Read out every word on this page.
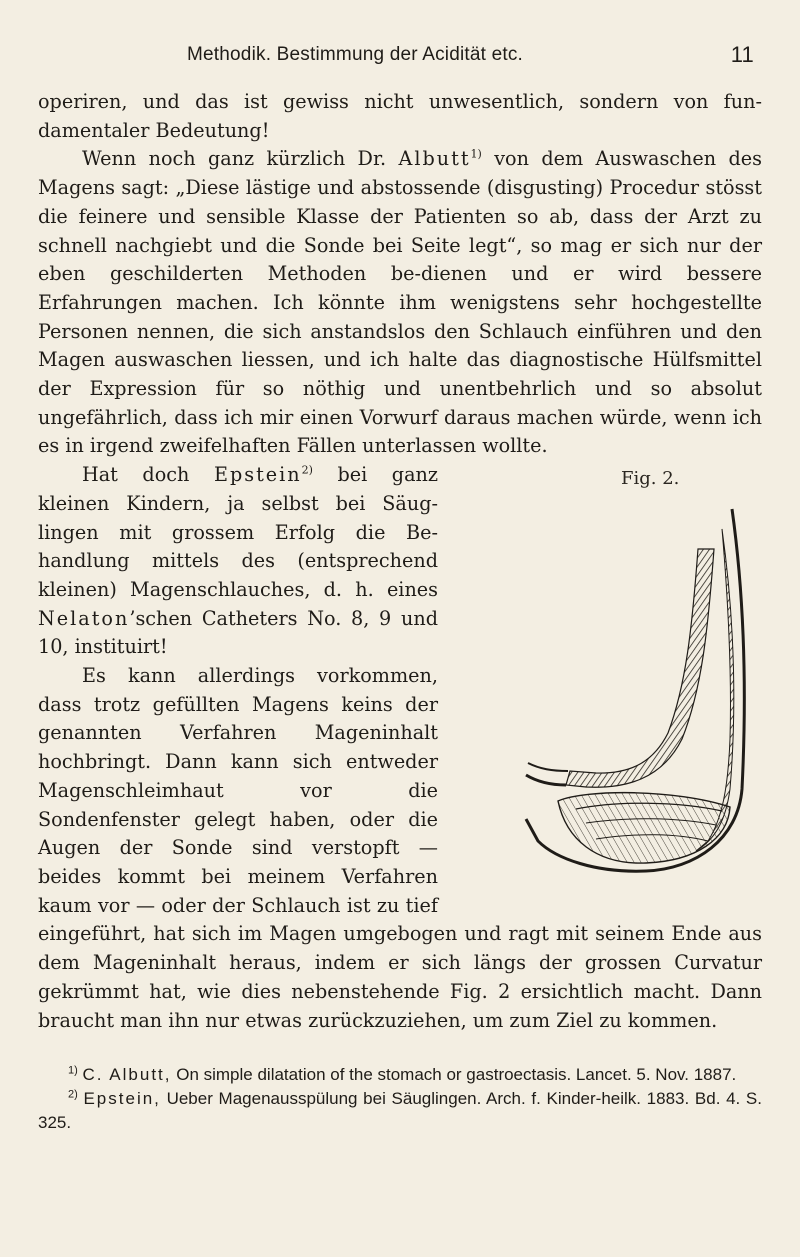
Methodik. Bestimmung der Acidität etc.	11

operiren, und das ist gewiss nicht unwesentlich, sondern von fun-damentaler Bedeutung!

Wenn noch ganz kürzlich Dr. Albutt$^{1)}$ von dem Auswaschen des Magens sagt: „Diese lästige und abstossende (disgusting) Procedur stösst die feinere und sensible Klasse der Patienten so ab, dass der Arzt zu schnell nachgiebt und die Sonde bei Seite legt“, so mag er sich nur der eben geschilderten Methoden be-dienen und er wird bessere Erfahrungen machen. Ich könnte ihm wenigstens sehr hochgestellte Personen nennen, die sich anstandslos den Schlauch einführen und den Magen auswaschen liessen, und ich halte das diagnostische Hülfsmittel der Expression für so nöthig und unentbehrlich und so absolut ungefährlich, dass ich mir einen Vorwurf daraus machen würde, wenn ich es in irgend zweifelhaften Fällen unterlassen wollte.

Fig. 2.

Hat doch Epstein$^{2)}$ bei ganz kleinen Kindern, ja selbst bei Säug-lingen mit grossem Erfolg die Be-handlung mittels des (entsprechend kleinen) Magenschlauches, d. h. eines Nelaton’schen Catheters No. 8, 9 und 10, instituirt!

Es kann allerdings vorkommen, dass trotz gefüllten Magens keins der genannten Verfahren Mageninhalt hochbringt. Dann kann sich entweder Magenschleimhaut vor die Sondenfenster gelegt haben, oder die Augen der Sonde sind verstopft — beides kommt bei meinem Verfahren kaum vor — oder der Schlauch ist zu tief eingeführt, hat sich im Magen umgebogen und ragt mit seinem Ende aus dem Mageninhalt heraus, indem er sich längs der grossen Curvatur gekrümmt hat, wie dies nebenstehende Fig. 2 ersichtlich macht. Dann braucht man ihn nur etwas zurückzuziehen, um zum Ziel zu kommen.

$^{1)}$ C. Albutt, On simple dilatation of the stomach or gastroectasis. Lancet. 5. Nov. 1887.

$^{2)}$ Epstein, Ueber Magenausspülung bei Säuglingen. Arch. f. Kinder-heilk. 1883. Bd. 4. S. 325.
